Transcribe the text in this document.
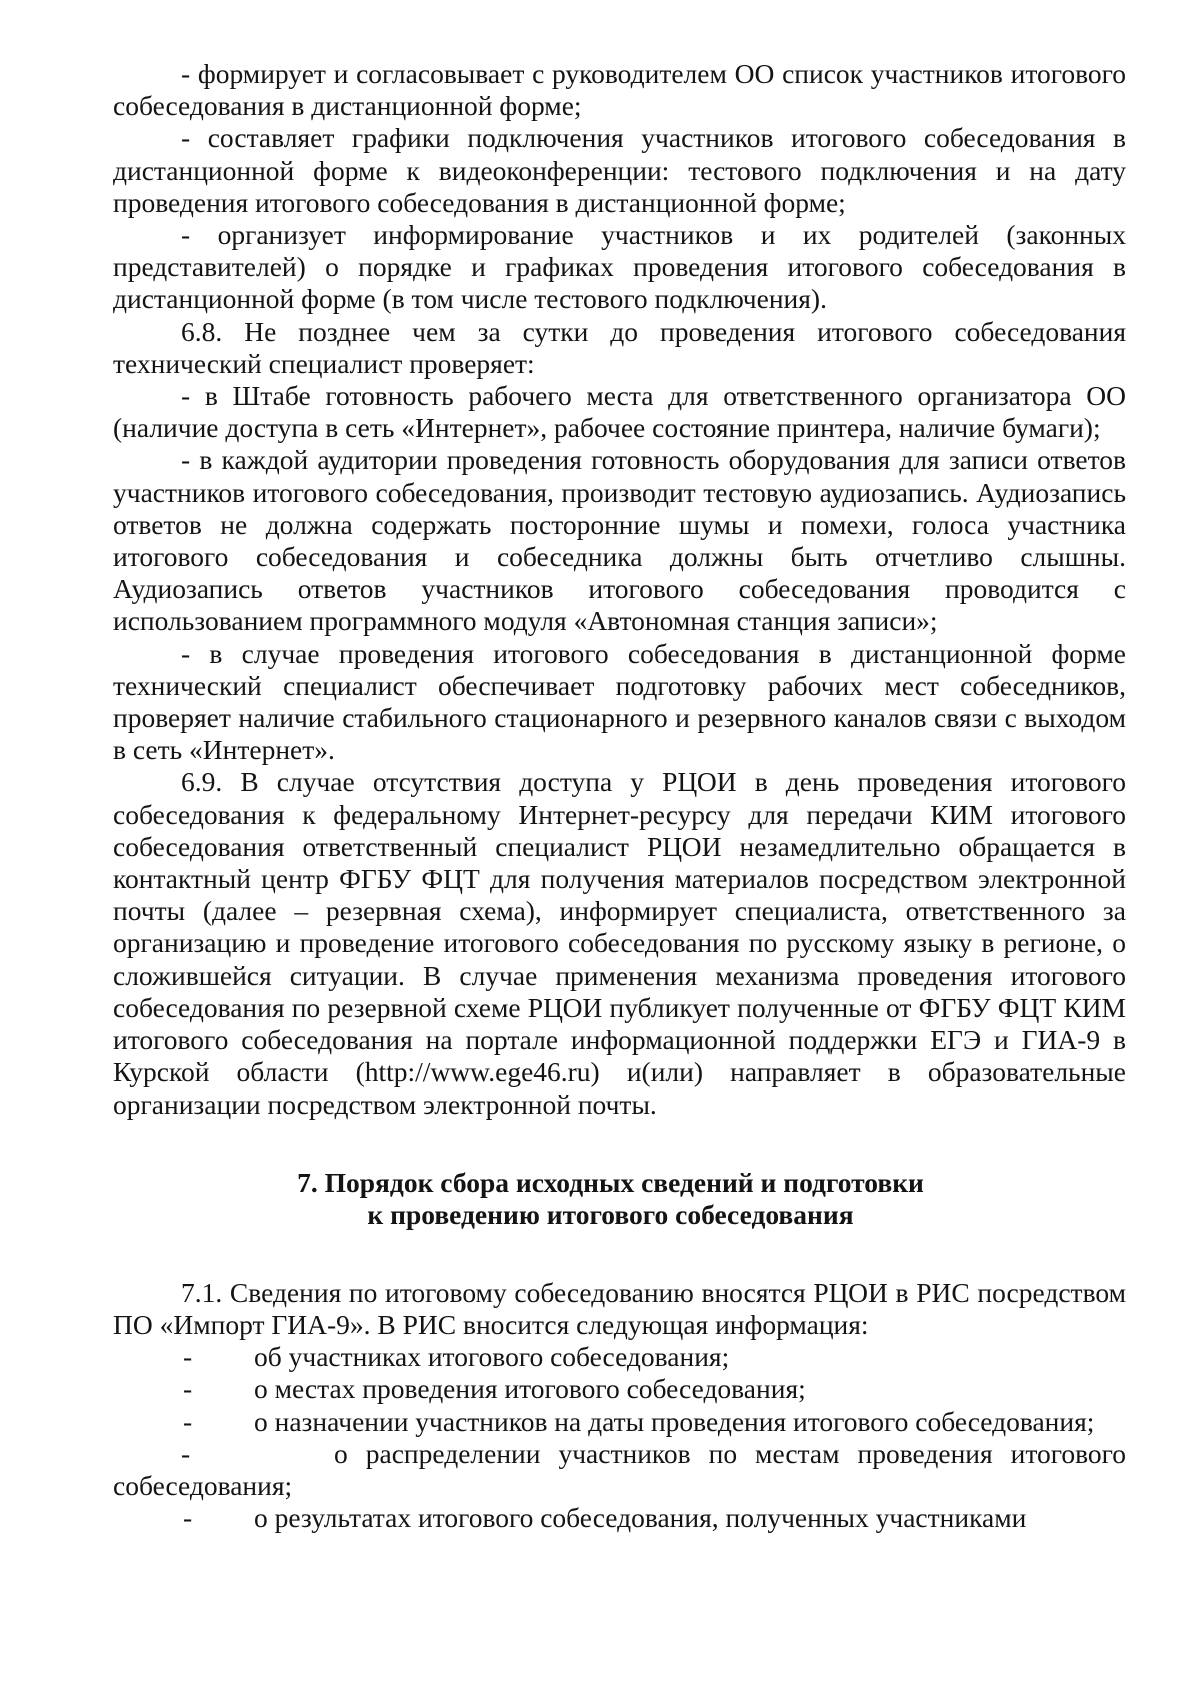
- формирует и согласовывает с руководителем ОО список участников итогового собеседования в дистанционной форме;

- составляет графики подключения участников итогового собеседования в дистанционной форме к видеоконференции: тестового подключения и на дату проведения итогового собеседования в дистанционной форме;

- организует информирование участников и их родителей (законных представителей) о порядке и графиках проведения итогового собеседования в дистанционной форме (в том числе тестового подключения).

6.8. Не позднее чем за сутки до проведения итогового собеседования технический специалист проверяет:

- в Штабе готовность рабочего места для ответственного организатора ОО (наличие доступа в сеть «Интернет», рабочее состояние принтера, наличие бумаги);

- в каждой аудитории проведения готовность оборудования для записи ответов участников итогового собеседования, производит тестовую аудиозапись. Аудиозапись ответов не должна содержать посторонние шумы и помехи, голоса участника итогового собеседования и собеседника должны быть отчетливо слышны. Аудиозапись ответов участников итогового собеседования проводится с использованием программного модуля «Автономная станция записи»;

- в случае проведения итогового собеседования в дистанционной форме технический специалист обеспечивает подготовку рабочих мест собеседников, проверяет наличие стабильного стационарного и резервного каналов связи с выходом в сеть «Интернет».

6.9. В случае отсутствия доступа у РЦОИ в день проведения итогового собеседования к федеральному Интернет-ресурсу для передачи КИМ итогового собеседования ответственный специалист РЦОИ незамедлительно обращается в контактный центр ФГБУ ФЦТ для получения материалов посредством электронной почты (далее – резервная схема), информирует специалиста, ответственного за организацию и проведение итогового собеседования по русскому языку в регионе, о сложившейся ситуации. В случае применения механизма проведения итогового собеседования по резервной схеме РЦОИ публикует полученные от ФГБУ ФЦТ КИМ итогового собеседования на портале информационной поддержки ЕГЭ и ГИА-9 в Курской области (http://www.ege46.ru) и(или) направляет в образовательные организации посредством электронной почты.

7. Порядок сбора исходных сведений и подготовки
к проведению итогового собеседования

7.1. Сведения по итоговому собеседованию вносятся РЦОИ в РИС посредством ПО «Импорт ГИА-9». В РИС вносится следующая информация:

-	об участниках итогового собеседования;
-	о местах проведения итогового собеседования;
-	о назначении участников на даты проведения итогового собеседования;

-        о распределении участников по местам проведения итогового собеседования;

-	о результатах итогового собеседования, полученных участниками
